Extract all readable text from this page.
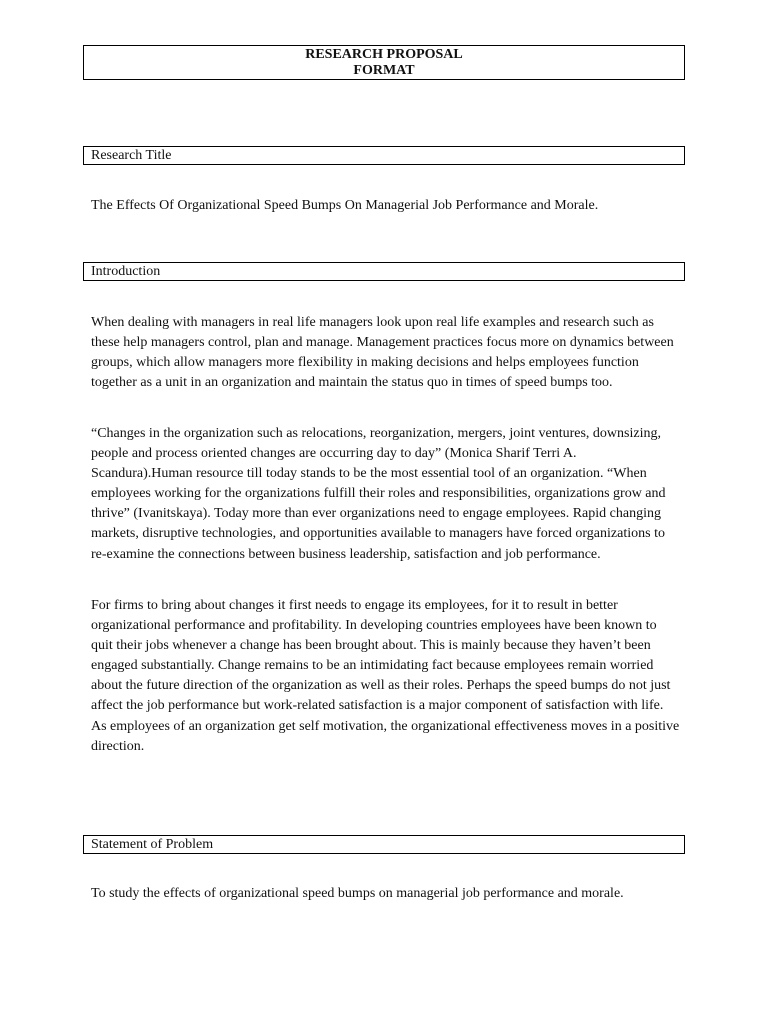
RESEARCH PROPOSAL
FORMAT
Research Title

The Effects Of Organizational Speed Bumps On Managerial Job Performance and Morale.

Introduction

When dealing with managers in real life managers look upon real life examples and research such as these help managers control, plan and manage. Management practices focus more on dynamics between groups, which allow managers more flexibility in making decisions and helps employees function together as a unit in an organization and maintain the status quo in times of speed bumps too.

“Changes in the organization such as relocations, reorganization, mergers, joint ventures, downsizing, people and process oriented changes are occurring day to day” (Monica Sharif Terri A. Scandura).Human resource till today stands to be the most essential tool of an organization. “When employees working for the organizations fulfill their roles and responsibilities, organizations grow and thrive” (Ivanitskaya). Today more than ever organizations need to engage employees. Rapid changing markets, disruptive technologies, and opportunities available to managers have forced organizations to re-examine the connections between business leadership, satisfaction and job performance.

For firms to bring about changes it first needs to engage its employees, for it to result in better organizational performance and profitability. In developing countries employees have been known to quit their jobs whenever a change has been brought about. This is mainly because they haven’t been engaged substantially. Change remains to be an intimidating fact because employees remain worried about the future direction of the organization as well as their roles. Perhaps the speed bumps do not just affect the job performance but work-related satisfaction is a major component of satisfaction with life. As employees of an organization get self motivation, the organizational effectiveness moves in a positive direction.

Statement of Problem

To study the effects of organizational speed bumps on managerial job performance and morale.
